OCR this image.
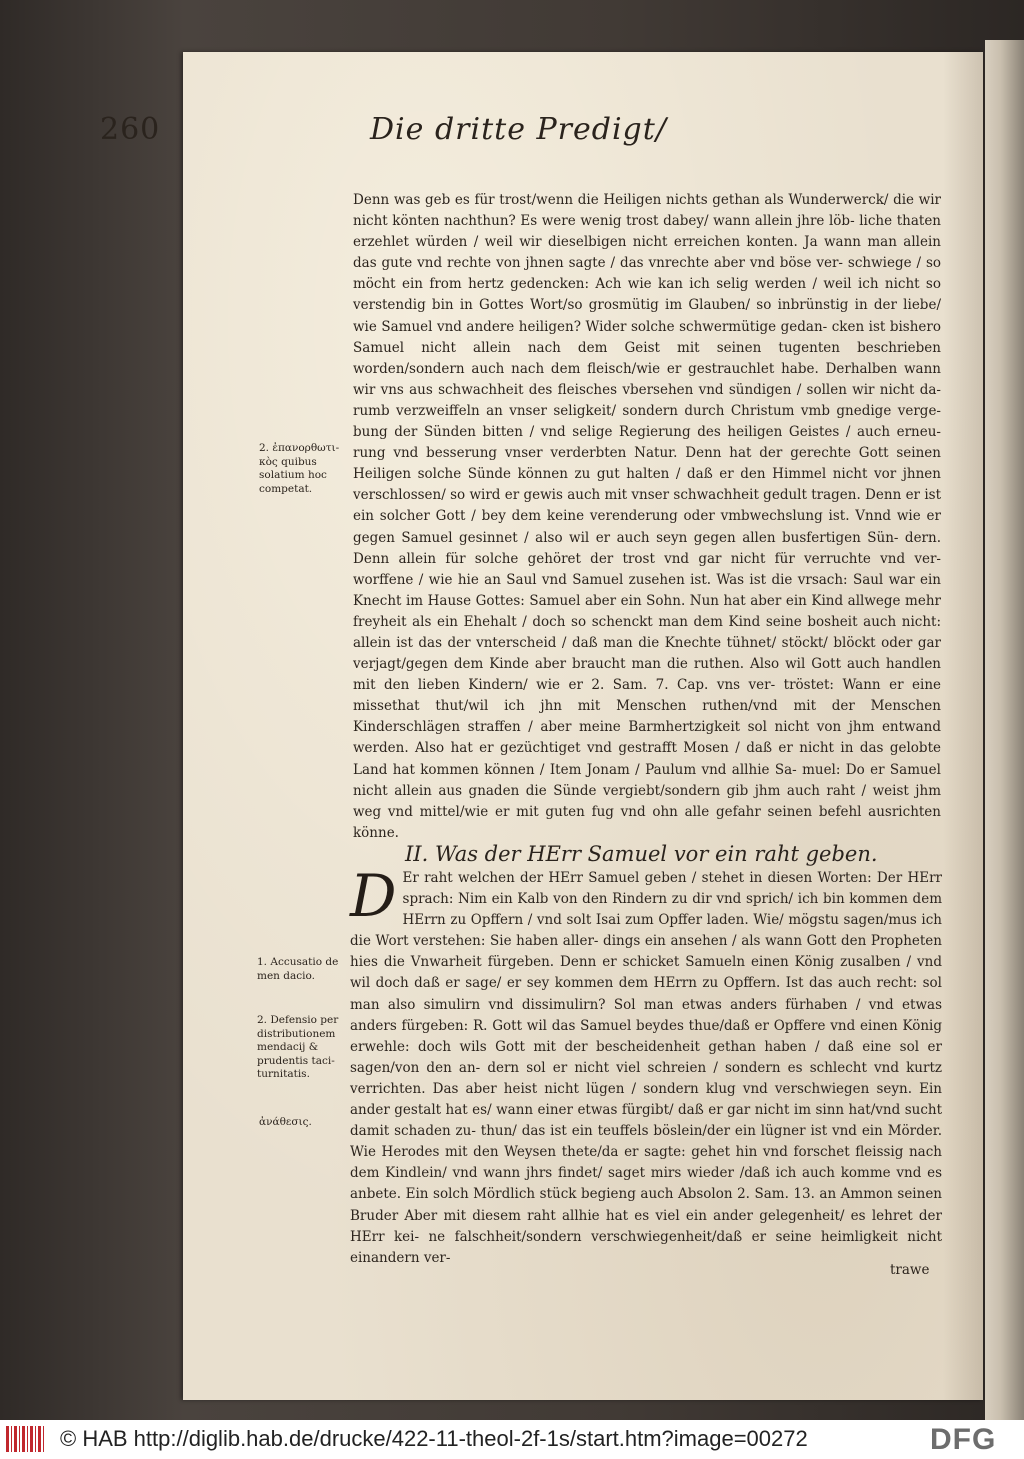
260	Die dritte Predigt/

Denn was geb es für trost/wenn die Heiligen nichts gethan als Wunderwerck/ die wir nicht könten nachthun? Es were wenig trost dabey/ wann allein jhre löb- liche thaten erzehlet würden / weil wir dieselbigen nicht erreichen konten. Ja wann man allein das gute vnd rechte von jhnen sagte / das vnrechte aber vnd böse ver- schwiege / so möcht ein from hertz gedencken: Ach wie kan ich selig werden / weil ich nicht so verstendig bin in Gottes Wort/so grosmütig im Glauben/ so inbrünstig in der liebe/ wie Samuel vnd andere heiligen? Wider solche schwermütige gedan- cken ist bishero Samuel nicht allein nach dem Geist mit seinen tugenten beschrieben worden/sondern auch nach dem fleisch/wie er gestrauchlet habe. Derhalben wann wir vns aus schwachheit des fleisches vbersehen vnd sündigen / sollen wir nicht da- rumb verzweiffeln an vnser seligkeit/ sondern durch Christum vmb gnedige verge- bung der Sünden bitten / vnd selige Regierung des heiligen Geistes / auch erneu- rung vnd besserung vnser verderbten Natur. Denn hat der gerechte Gott seinen Heiligen solche Sünde können zu gut halten / daß er den Himmel nicht vor jhnen verschlossen/ so wird er gewis auch mit vnser schwachheit gedult tragen. Denn er ist ein solcher Gott / bey dem keine verenderung oder vmbwechslung ist. Vnnd wie er gegen Samuel gesinnet / also wil er auch seyn gegen allen busfertigen Sün- dern. Denn allein für solche gehöret der trost vnd gar nicht für verruchte vnd ver- worffene / wie hie an Saul vnd Samuel zusehen ist. Was ist die vrsach: Saul war ein Knecht im Hause Gottes: Samuel aber ein Sohn. Nun hat aber ein Kind allwege mehr freyheit als ein Ehehalt / doch so schenckt man dem Kind seine bosheit auch nicht: allein ist das der vnterscheid / daß man die Knechte tühnet/ stöckt/ blöckt oder gar verjagt/gegen dem Kinde aber braucht man die ruthen. Also wil Gott auch handlen mit den lieben Kindern/ wie er 2. Sam. 7. Cap. vns ver- tröstet: Wann er eine missethat thut/wil ich jhn mit Menschen ruthen/vnd mit der Menschen Kinderschlägen straffen / aber meine Barmhertzigkeit sol nicht von jhm entwand werden. Also hat er gezüchtiget vnd gestrafft Mosen / daß er nicht in das gelobte Land hat kommen können / Item Jonam / Paulum vnd allhie Sa- muel: Do er Samuel nicht allein aus gnaden die Sünde vergiebt/sondern gib jhm auch raht / weist jhm weg vnd mittel/wie er mit guten fug vnd ohn alle gefahr seinen befehl ausrichten könne.

2. ἐπανορθωτι- κὸς quibus solatium hoc competat.
II. Was der HErr Samuel vor ein raht geben.
D Er raht welchen der HErr Samuel geben / stehet in diesen Worten: Der HErr sprach: Nim ein Kalb von den Rindern zu dir vnd sprich/ ich bin kommen dem HErrn zu Opffern / vnd solt Isai zum Opffer laden. Wie/ mögstu sagen/mus ich die Wort verstehen: Sie haben aller- dings ein ansehen / als wann Gott den Propheten hies die Vnwarheit fürgeben. Denn er schicket Samueln einen König zusalben / vnd wil doch daß er sage/ er sey kommen dem HErrn zu Opffern. Ist das auch recht: sol man also simulirn vnd dissimulirn? Sol man etwas anders fürhaben / vnd etwas anders fürgeben: R. Gott wil das Samuel beydes thue/daß er Opffere vnd einen König erwehle: doch wils Gott mit der bescheidenheit gethan haben / daß eine sol er sagen/von den an- dern sol er nicht viel schreien / sondern es schlecht vnd kurtz verrichten. Das aber heist nicht lügen / sondern klug vnd verschwiegen seyn. Ein ander gestalt hat es/ wann einer etwas fürgibt/ daß er gar nicht im sinn hat/vnd sucht damit schaden zu- thun/ das ist ein teuffels böslein/der ein lügner ist vnd ein Mörder. Wie Herodes mit den Weysen thete/da er sagte: gehet hin vnd forschet fleissig nach dem Kindlein/ vnd wann jhrs findet/ saget mirs wieder /daß ich auch komme vnd es anbete. Ein solch Mördlich stück begieng auch Absolon 2. Sam. 13. an Ammon seinen Bruder Aber mit diesem raht allhie hat es viel ein ander gelegenheit/ es lehret der HErr kei- ne falschheit/sondern verschwiegenheit/daß er seine heimligkeit nicht einandern ver-
1. Accusatio de men dacio.
2. Defensio per distributionem mendacij & prudentis taci- turnitatis.
ἀνάθεσις.
trawe
© HAB http://diglib.hab.de/drucke/422-11-theol-2f-1s/start.htm?image=00272	DFG
